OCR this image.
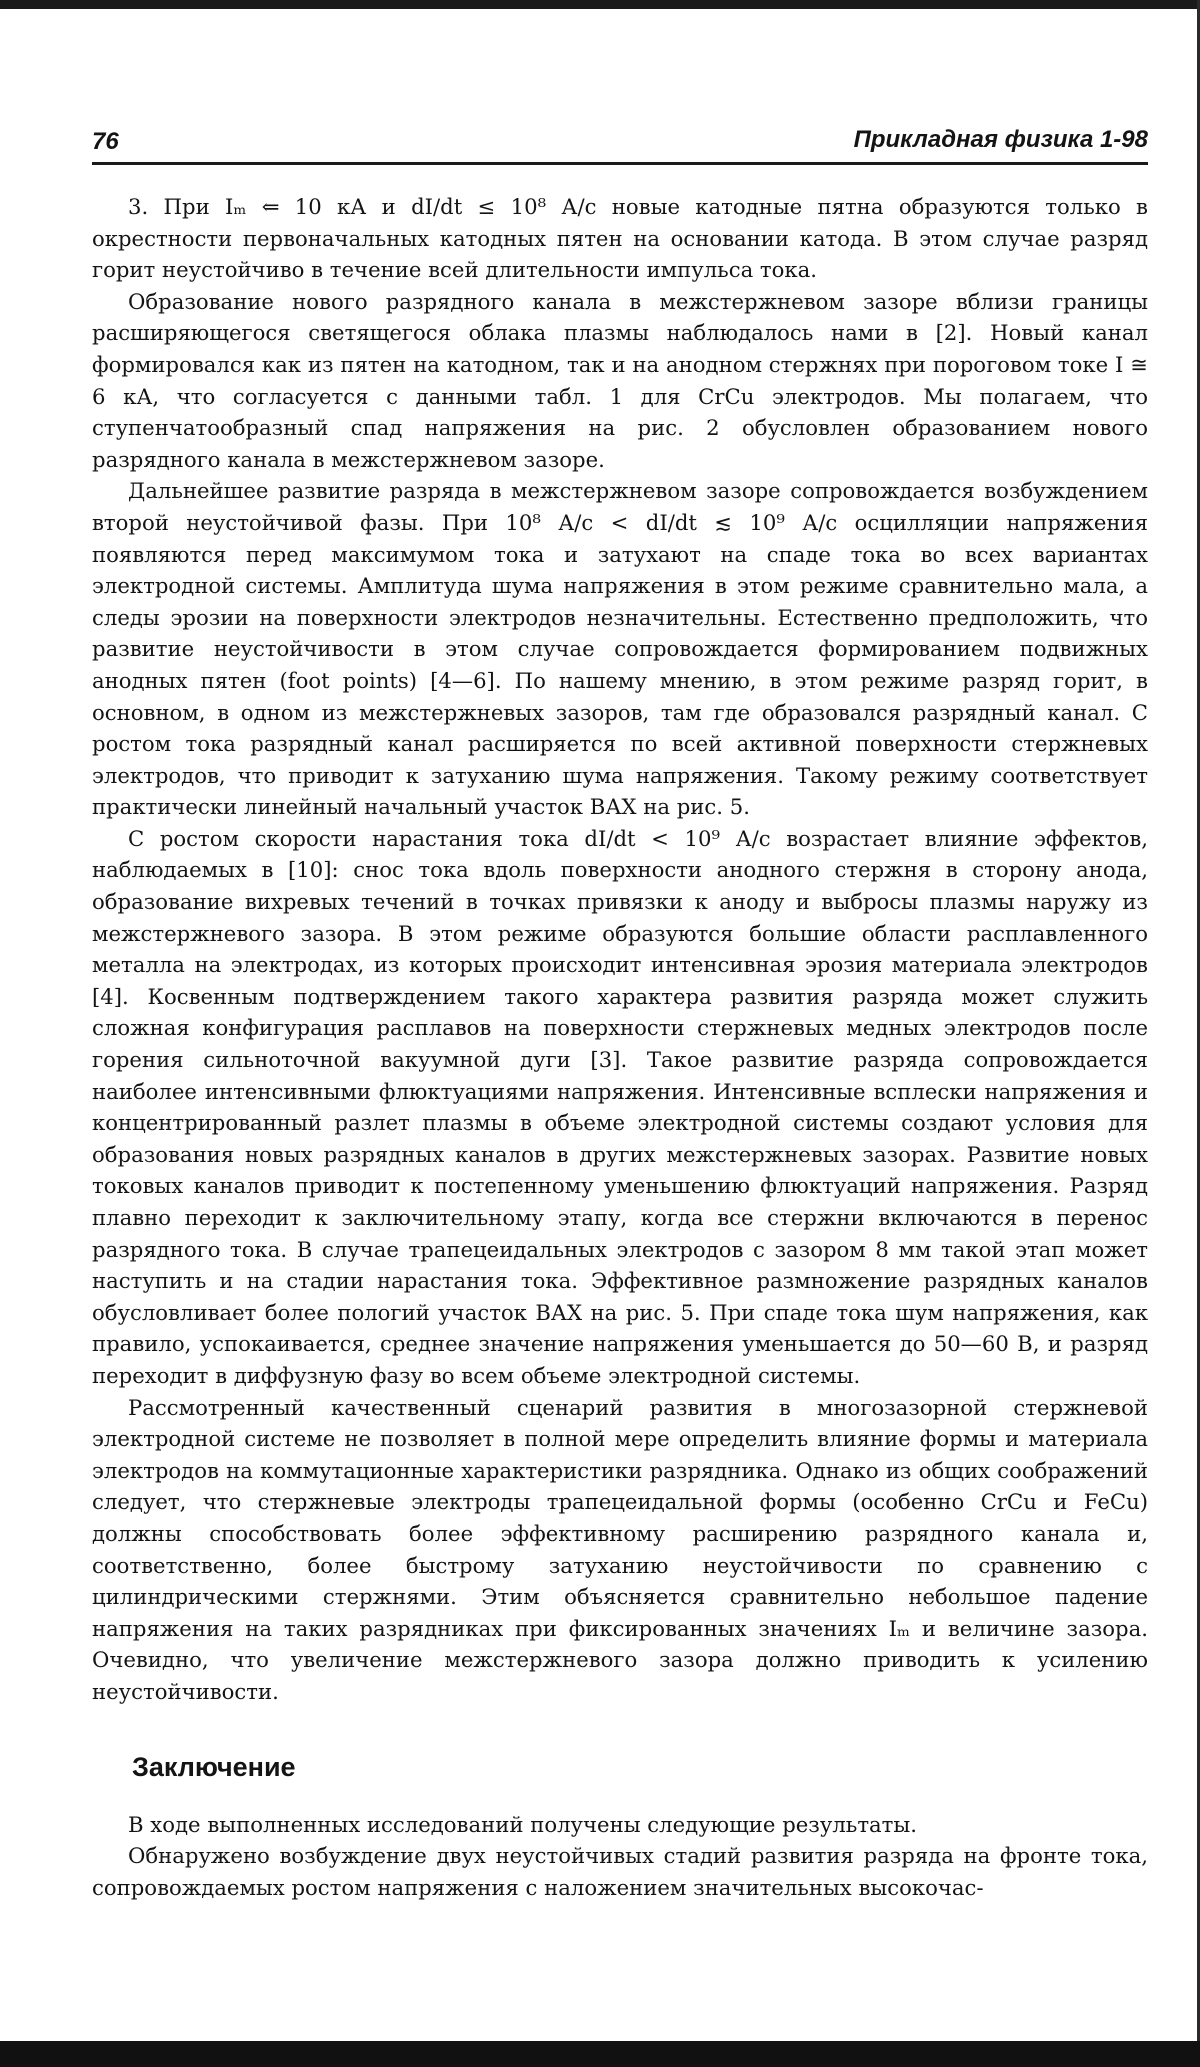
76	Прикладная физика 1-98

3. При Iₘ ⇐ 10 кА и dI/dt ≤ 10⁸ А/с новые катодные пятна образуются только в окрестности первоначальных катодных пятен на основании катода. В этом случае разряд горит неустойчиво в течение всей длительности импульса тока.

Образование нового разрядного канала в межстержневом зазоре вблизи границы расширяющегося светящегося облака плазмы наблюдалось нами в [2]. Новый канал формировался как из пятен на катодном, так и на анодном стержнях при пороговом токе I ≅ 6 кА, что согласуется с данными табл. 1 для CrCu электродов. Мы полагаем, что ступенчатообразный спад напряжения на рис. 2 обусловлен образованием нового разрядного канала в межстержневом зазоре.

Дальнейшее развитие разряда в межстержневом зазоре сопровождается возбуждением второй неустойчивой фазы. При 10⁸ А/с < dI/dt ≲ 10⁹ А/с осцилляции напряжения появляются перед максимумом тока и затухают на спаде тока во всех вариантах электродной системы. Амплитуда шума напряжения в этом режиме сравнительно мала, а следы эрозии на поверхности электродов незначительны. Естественно предположить, что развитие неустойчивости в этом случае сопровождается формированием подвижных анодных пятен (foot points) [4—6]. По нашему мнению, в этом режиме разряд горит, в основном, в одном из межстержневых зазоров, там где образовался разрядный канал. С ростом тока разрядный канал расширяется по всей активной поверхности стержневых электродов, что приводит к затуханию шума напряжения. Такому режиму соответствует практически линейный начальный участок ВАХ на рис. 5.

С ростом скорости нарастания тока dI/dt < 10⁹ А/с возрастает влияние эффектов, наблюдаемых в [10]: снос тока вдоль поверхности анодного стержня в сторону анода, образование вихревых течений в точках привязки к аноду и выбросы плазмы наружу из межстержневого зазора. В этом режиме образуются большие области расплавленного металла на электродах, из которых происходит интенсивная эрозия материала электродов [4]. Косвенным подтверждением такого характера развития разряда может служить сложная конфигурация расплавов на поверхности стержневых медных электродов после горения сильноточной вакуумной дуги [3]. Такое развитие разряда сопровождается наиболее интенсивными флюктуациями напряжения. Интенсивные всплески напряжения и концентрированный разлет плазмы в объеме электродной системы создают условия для образования новых разрядных каналов в других межстержневых зазорах. Развитие новых токовых каналов приводит к постепенному уменьшению флюктуаций напряжения. Разряд плавно переходит к заключительному этапу, когда все стержни включаются в перенос разрядного тока. В случае трапецеидальных электродов с зазором 8 мм такой этап может наступить и на стадии нарастания тока. Эффективное размножение разрядных каналов обусловливает более пологий участок ВАХ на рис. 5. При спаде тока шум напряжения, как правило, успокаивается, среднее значение напряжения уменьшается до 50—60 В, и разряд переходит в диффузную фазу во всем объеме электродной системы.

Рассмотренный качественный сценарий развития в многозазорной стержневой электродной системе не позволяет в полной мере определить влияние формы и материала электродов на коммутационные характеристики разрядника. Однако из общих соображений следует, что стержневые электроды трапецеидальной формы (особенно CrCu и FeCu) должны способствовать более эффективному расширению разрядного канала и, соответственно, более быстрому затуханию неустойчивости по сравнению с цилиндрическими стержнями. Этим объясняется сравнительно небольшое падение напряжения на таких разрядниках при фиксированных значениях Iₘ и величине зазора. Очевидно, что увеличение межстержневого зазора должно приводить к усилению неустойчивости.

Заключение

В ходе выполненных исследований получены следующие результаты.

Обнаружено возбуждение двух неустойчивых стадий развития разряда на фронте тока, сопровождаемых ростом напряжения с наложением значительных высокочас-
